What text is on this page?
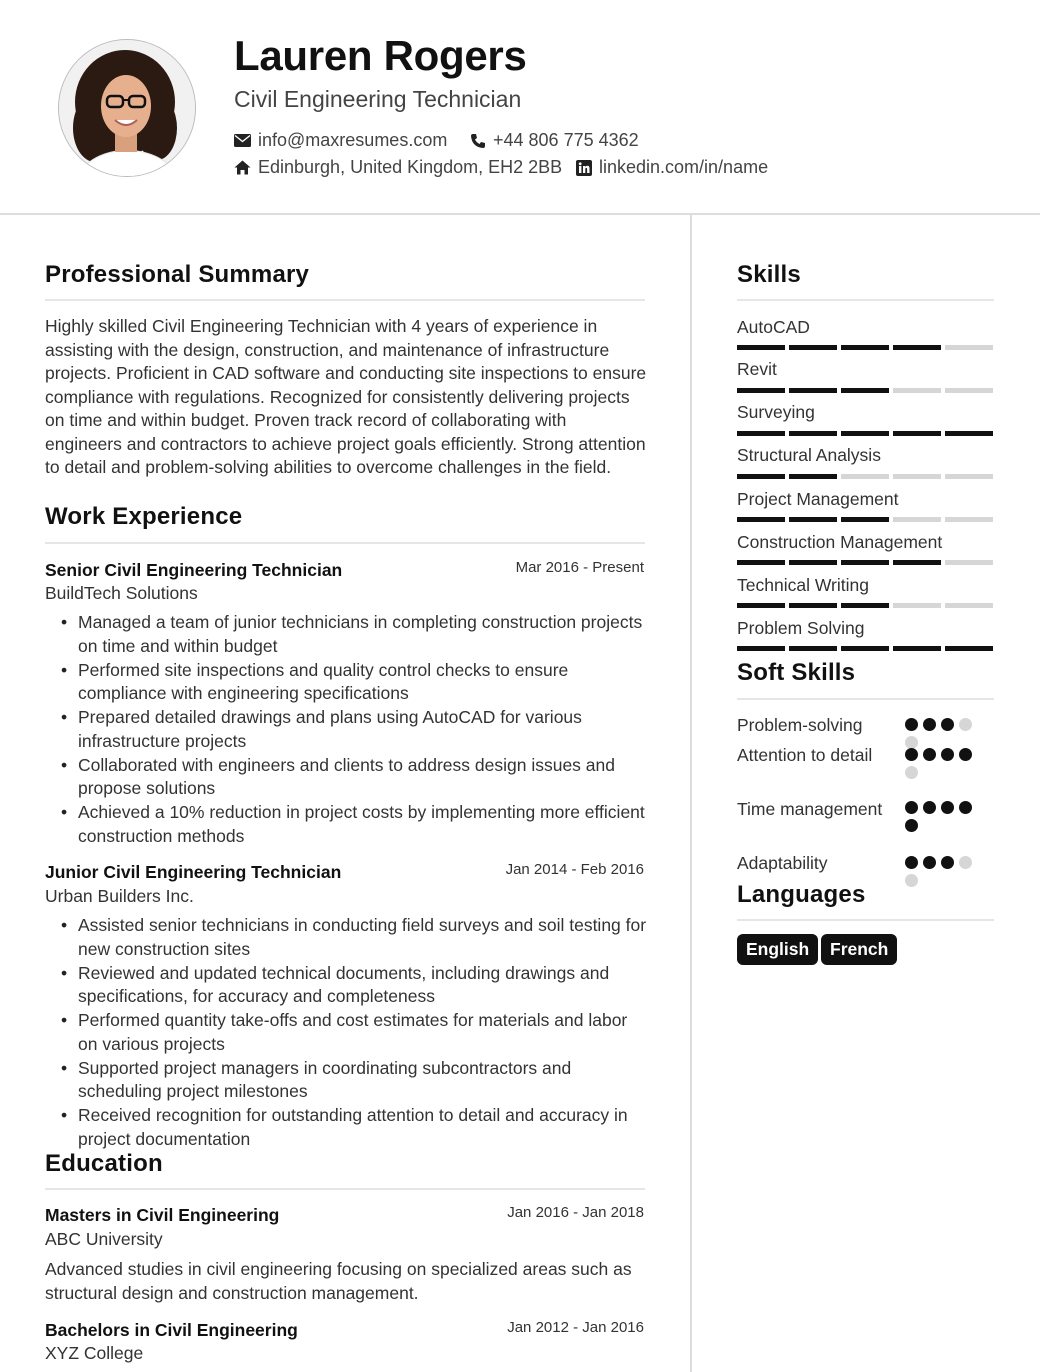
Lauren Rogers
Civil Engineering Technician
info@maxresumes.com	+44 806 775 4362
Edinburgh, United Kingdom, EH2 2BB linkedin.com/in/name
Professional Summary
Highly skilled Civil Engineering Technician with 4 years of experience in assisting with the design, construction, and maintenance of infrastructure projects. Proficient in CAD software and conducting site inspections to ensure compliance with regulations. Recognized for consistently delivering projects on time and within budget. Proven track record of collaborating with engineers and contractors to achieve project goals efficiently. Strong attention to detail and problem-solving abilities to overcome challenges in the field.
Work Experience
Senior Civil Engineering Technician	Mar 2016 - Present
BuildTech Solutions
• Managed a team of junior technicians in completing construction projects on time and within budget
• Performed site inspections and quality control checks to ensure compliance with engineering specifications
• Prepared detailed drawings and plans using AutoCAD for various infrastructure projects
• Collaborated with engineers and clients to address design issues and propose solutions
• Achieved a 10% reduction in project costs by implementing more efficient construction methods
Junior Civil Engineering Technician	Jan 2014 - Feb 2016
Urban Builders Inc.
• Assisted senior technicians in conducting field surveys and soil testing for new construction sites
• Reviewed and updated technical documents, including drawings and specifications, for accuracy and completeness
• Performed quantity take-offs and cost estimates for materials and labor on various projects
• Supported project managers in coordinating subcontractors and scheduling project milestones
• Received recognition for outstanding attention to detail and accuracy in project documentation
Education
Masters in Civil Engineering	Jan 2016 - Jan 2018
ABC University
Advanced studies in civil engineering focusing on specialized areas such as structural design and construction management.
Bachelors in Civil Engineering	Jan 2012 - Jan 2016
XYZ College
Skills
AutoCAD
Revit
Surveying
Structural Analysis
Project Management
Construction Management
Technical Writing
Problem Solving
Soft Skills
Problem-solving
Attention to detail
Time management
Adaptability
Languages
English	French
